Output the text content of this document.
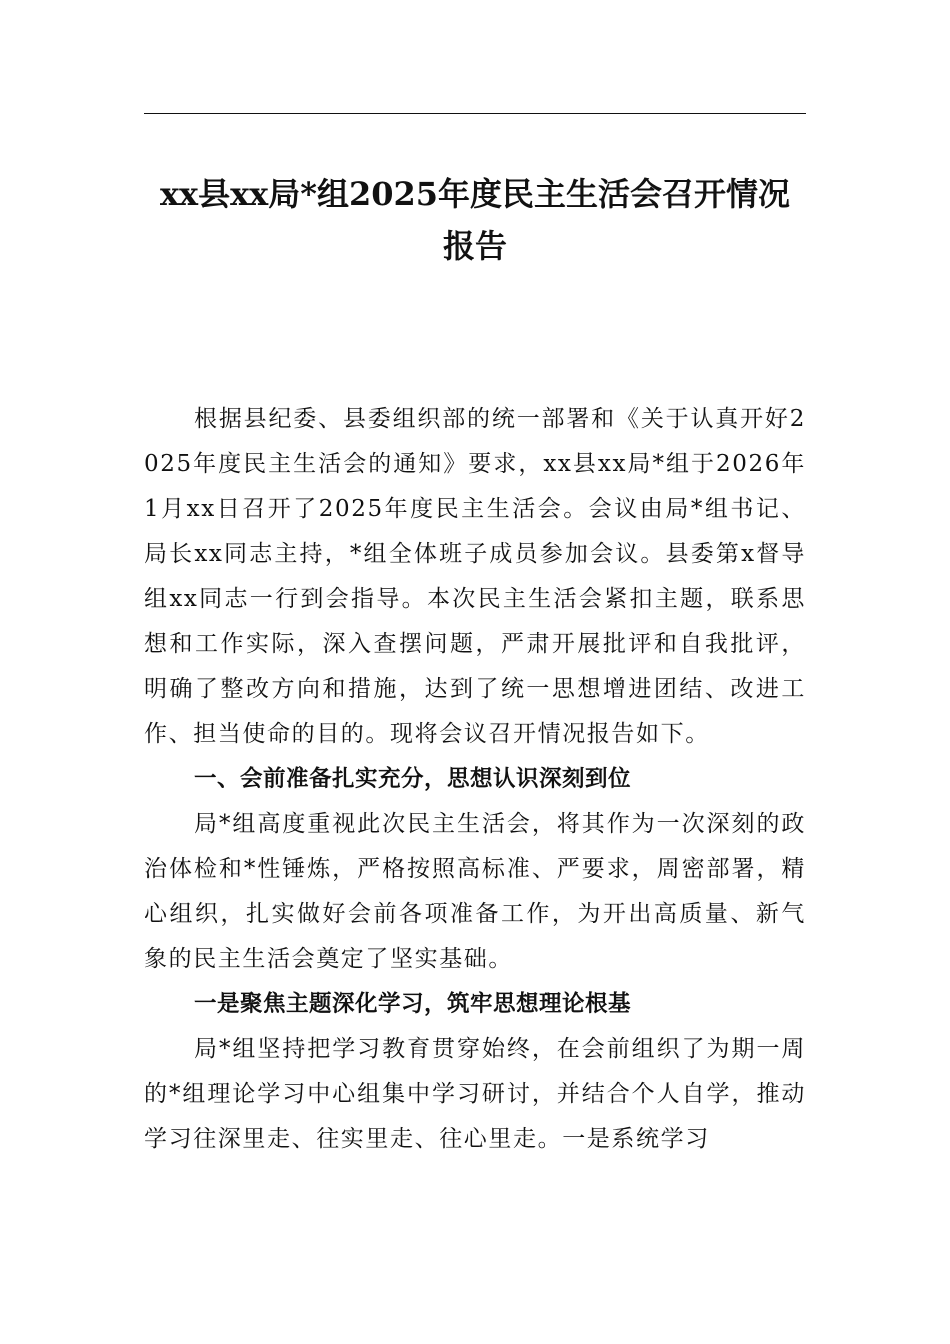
xx县xx局*组2025年度民主生活会召开情况报告

根据县纪委、县委组织部的统一部署和《关于认真开好2025年度民主生活会的通知》要求，xx县xx局*组于2026年1月xx日召开了2025年度民主生活会。会议由局*组书记、局长xx同志主持，*组全体班子成员参加会议。县委第x督导组xx同志一行到会指导。本次民主生活会紧扣主题，联系思想和工作实际，深入查摆问题，严肃开展批评和自我批评，明确了整改方向和措施，达到了统一思想增进团结、改进工作、担当使命的目的。现将会议召开情况报告如下。

一、会前准备扎实充分，思想认识深刻到位

局*组高度重视此次民主生活会，将其作为一次深刻的政治体检和*性锤炼，严格按照高标准、严要求，周密部署，精心组织，扎实做好会前各项准备工作，为开出高质量、新气象的民主生活会奠定了坚实基础。

一是聚焦主题深化学习，筑牢思想理论根基

局*组坚持把学习教育贯穿始终，在会前组织了为期一周的*组理论学习中心组集中学习研讨，并结合个人自学，推动学习往深里走、往实里走、往心里走。一是系统学习
